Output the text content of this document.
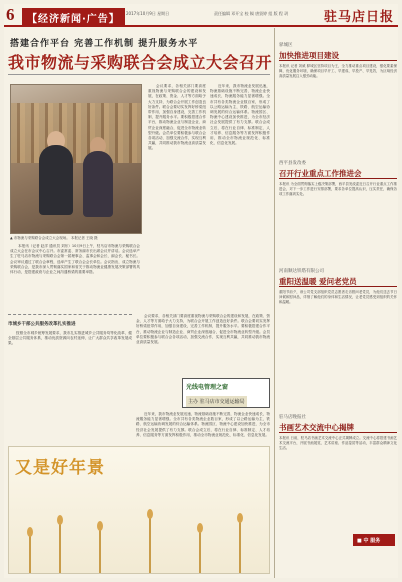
6	【经济新闻·广告】
2017年10月9日 星期日	责任编辑 邓开宝 校 稿 唐贤婷 组 版 程 玥	驻马店日报
搭建合作平台 完善工作机制 提升服务水平
我市物流与采购联合会成立大会召开
▲ 市物流与采购联合会成立大会现场。 本报记者 王晓 摄

本报讯（记者 赵洋 通讯员 刘东）10月9日上午，驻马店市物流与采购联合会成立大会在市会议中心召开。市委常委、常务副市长出席会议并讲话。会议选举产生了驻马店市物流与采购联合会第一届理事会、监事会和会长、副会长、秘书长。会议审议通过了联合会章程，选举产生了联合会会长单位。会议指出，成立物流与采购联合会，是我市深入贯彻落实国家和省关于推动物流业健康发展决策部署的具体行动，是搭建政府与企业之间沟通桥梁的重要举措。

会议要求，各相关部门要高度重视物流与采购联合会的建设和发展，在政策、资金、人才等方面给予大力支持，为联合会开展工作创造良好条件。联合会要切实发挥好桥梁纽带作用，加强自身建设，完善工作机制，提升服务水平。要积极搭建合作平台，推动物流企业与制造企业、商贸企业深度融合，促进全市物流业转型升级。会员单位要积极参与联合会各项活动，加强交流合作，实现互利共赢，共同推动我市物流业高质量发展。

近年来，我市物流业发展迅速，物流基础设施不断完善，物流企业快速成长，物流服务能力显著增强。全市共有各类物流企业数百家，形成了以公路运输为主，铁路、航空运输协调发展的综合运输体系。物流园区、物流中心建设加快推进，为全市经济社会发展提供了有力支撑。联合会成立后，将在行业自律、标准制定、人才培养、信息服务等方面发挥积极作用，推动全市物流业规范化、标准化、信息化发展。

市城乡干部公共服务改革扎实推进

按照全市城乡统筹发展要求，我市扎实推进城乡公共服务均等化改革，健全基层公共服务体系，推动优质资源向农村延伸，让广大群众共享改革发展成果。

会议要求，各相关部门要高度重视物流与采购联合会的建设和发展，在政策、资金、人才等方面给予大力支持，为联合会开展工作创造良好条件。联合会要切实发挥好桥梁纽带作用，加强自身建设，完善工作机制，提升服务水平。要积极搭建合作平台，推动物流企业与制造企业、商贸企业深度融合，促进全市物流业转型升级。会员单位要积极参与联合会各项活动，加强交流合作，实现互利共赢，共同推动我市物流业高质量发展。

近年来，我市物流业发展迅速，物流基础设施不断完善，物流企业快速成长，物流服务能力显著增强。全市共有各类物流企业数百家，形成了以公路运输为主，铁路、航空运输协调发展的综合运输体系。物流园区、物流中心建设加快推进，为全市经济社会发展提供了有力支撑。联合会成立后，将在行业自律、标准制定、人才培养、信息服务等方面发挥积极作用，推动全市物流业规范化、标准化、信息化发展。

光线电管理之窗
主办 驻马店市交通运输局
又是好年景
驿城区
加快推进项目建设
本报讯 记者 刘威 驿城区坚持项目为王，全力推动重点项目建设，强化要素保障，优化服务环境，确保项目早开工、早建成、早投产、早见效，为区域经济高质量发展注入强劲动能。
西平县发改委
召开行业重点工作推进会
本报讯 为全面贯彻落实上级决策部署，西平县发改委近日召开行业重点工作推进会，对下一步工作进行安排部署，要求各单位提高认识，压实责任，确保各项工作落到实处。
河南顺达铁塔有限公司
重阳送温暖 爱问老党员
重阳节前夕，该公司党支部组织党员志愿者走访慰问老党员，为他们送去节日问候和慰问品，详细了解他们的身体和生活情况，让老党员感受到组织的关怀和温暖。
驻马店晚报社
书画艺术交流中心揭牌
本报讯 日前，驻马店书画艺术交流中心正式揭牌成立。交流中心将搭建书画艺术交流平台，开展书画展览、艺术讲座、作品鉴赏等活动，丰富群众精神文化生活。
■ 中 服务
